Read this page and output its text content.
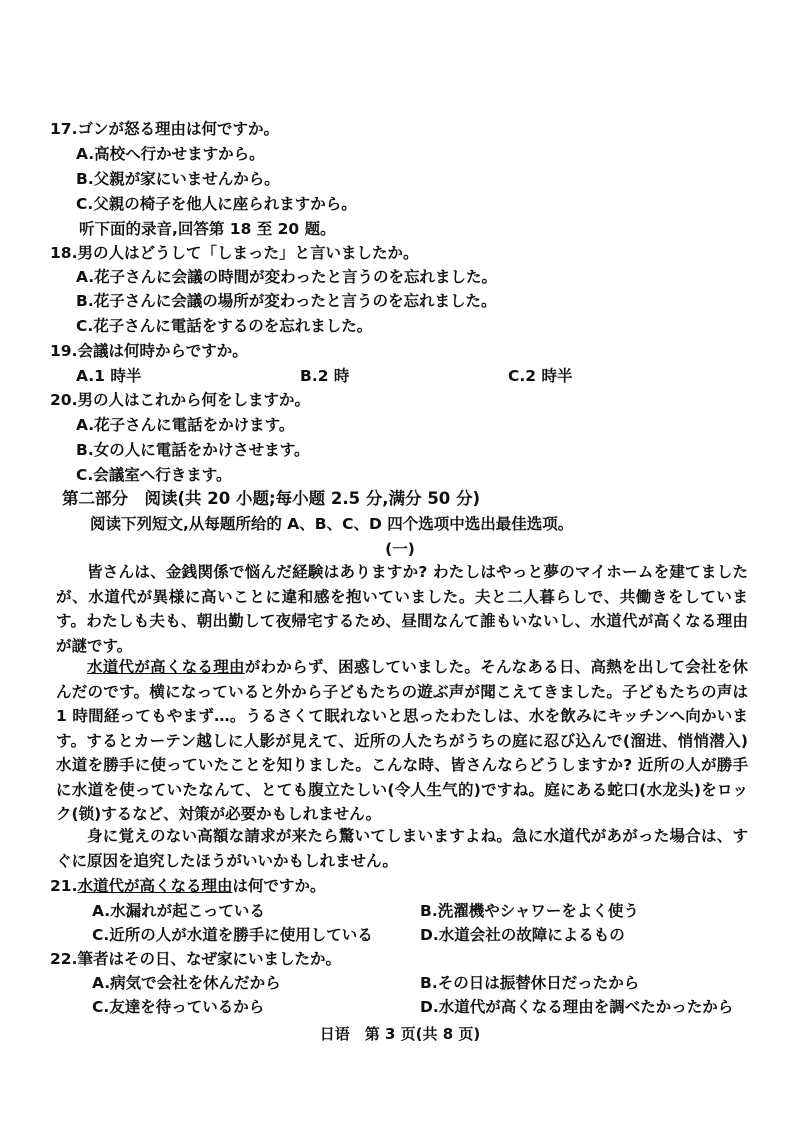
17.ゴンが怒る理由は何ですか。
A.高校へ行かせますから。
B.父親が家にいませんから。
C.父親の椅子を他人に座られますから。
听下面的录音,回答第 18 至 20 题。
18.男の人はどうして「しまった」と言いましたか。
A.花子さんに会議の時間が変わったと言うのを忘れました。
B.花子さんに会議の場所が変わったと言うのを忘れました。
C.花子さんに電話をするのを忘れました。
19.会議は何時からですか。
A.1 時半	B.2 時	C.2 時半
20.男の人はこれから何をしますか。
A.花子さんに電話をかけます。
B.女の人に電話をかけさせます。
C.会議室へ行きます。
第二部分　阅读(共 20 小题;每小题 2.5 分,满分 50 分)
阅读下列短文,从每题所给的 A、B、C、D 四个选项中选出最佳选项。
(一)
皆さんは、金銭関係で悩んだ経験はありますか? わたしはやっと夢のマイホームを建てましたが、水道代が異様に高いことに違和感を抱いていました。夫と二人暮らしで、共働きをしています。わたしも夫も、朝出勤して夜帰宅するため、昼間なんて誰もいないし、水道代が高くなる理由が謎です。
水道代が高くなる理由がわからず、困惑していました。そんなある日、高熱を出して会社を休んだのです。横になっていると外から子どもたちの遊ぶ声が聞こえてきました。子どもたちの声は 1 時間経ってもやまず…。うるさくて眠れないと思ったわたしは、水を飲みにキッチンへ向かいます。するとカーテン越しに人影が見えて、近所の人たちがうちの庭に忍び込んで(溜进、悄悄潜入)水道を勝手に使っていたことを知りました。こんな時、皆さんならどうしますか? 近所の人が勝手に水道を使っていたなんて、とても腹立たしい(令人生气的)ですね。庭にある蛇口(水龙头)をロック(锁)するなど、対策が必要かもしれません。
身に覚えのない高額な請求が来たら驚いてしまいますよね。急に水道代があがった場合は、すぐに原因を追究したほうがいいかもしれません。
21.水道代が高くなる理由は何ですか。
A.水漏れが起こっている	B.洗濯機やシャワーをよく使う
C.近所の人が水道を勝手に使用している	D.水道会社の故障によるもの
22.筆者はその日、なぜ家にいましたか。
A.病気で会社を休んだから	B.その日は振替休日だったから
C.友達を待っているから	D.水道代が高くなる理由を調べたかったから
日语　第 3 页(共 8 页)
